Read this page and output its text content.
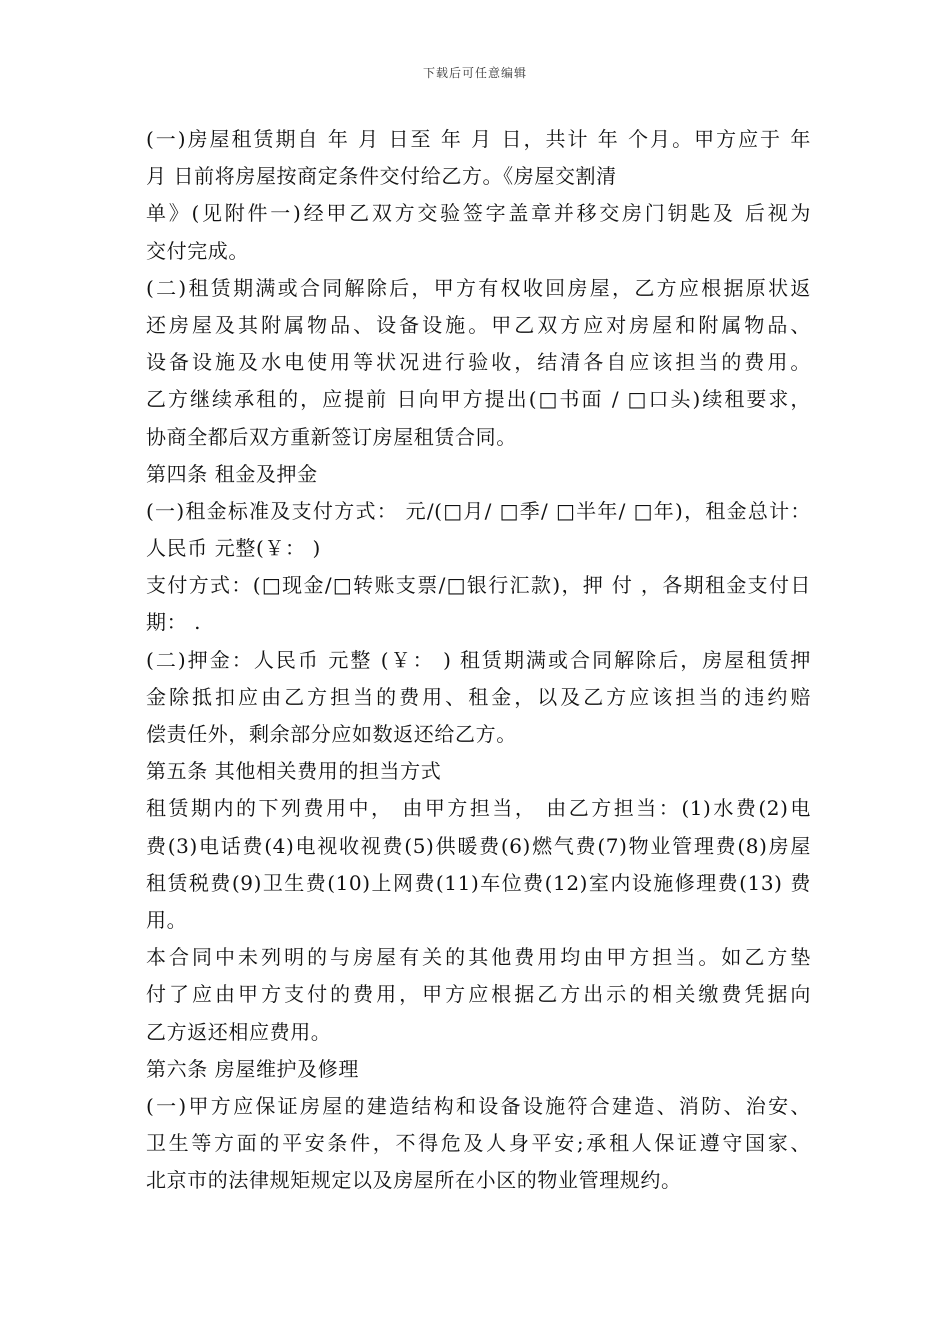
下载后可任意编辑
(一)房屋租赁期自 年 月 日至 年 月 日，共计 年 个月。甲方应于 年
月 日前将房屋按商定条件交付给乙方。《房屋交割清
单》(见附件一)经甲乙双方交验签字盖章并移交房门钥匙及 后视为
交付完成。
(二)租赁期满或合同解除后，甲方有权收回房屋，乙方应根据原状返
还房屋及其附属物品、设备设施。甲乙双方应对房屋和附属物品、
设备设施及水电使用等状况进行验收，结清各自应该担当的费用。
乙方继续承租的，应提前 日向甲方提出(□书面 / □口头)续租要求，
协商全都后双方重新签订房屋租赁合同。
第四条 租金及押金
(一)租金标准及支付方式： 元/(□月/ □季/ □半年/ □年)，租金总计：
人民币 元整(￥： )
支付方式：(□现金/□转账支票/□银行汇款)，押 付 ，各期租金支付日
期： .
(二)押金：人民币 元整 (￥： ) 租赁期满或合同解除后，房屋租赁押
金除抵扣应由乙方担当的费用、租金，以及乙方应该担当的违约赔
偿责任外，剩余部分应如数返还给乙方。
第五条 其他相关费用的担当方式
租赁期内的下列费用中， 由甲方担当， 由乙方担当：(1)水费(2)电
费(3)电话费(4)电视收视费(5)供暖费(6)燃气费(7)物业管理费(8)房屋
租赁税费(9)卫生费(10)上网费(11)车位费(12)室内设施修理费(13) 费
用。
本合同中未列明的与房屋有关的其他费用均由甲方担当。如乙方垫
付了应由甲方支付的费用，甲方应根据乙方出示的相关缴费凭据向
乙方返还相应费用。
第六条 房屋维护及修理
(一)甲方应保证房屋的建造结构和设备设施符合建造、消防、治安、
卫生等方面的平安条件，不得危及人身平安;承租人保证遵守国家、
北京市的法律规矩规定以及房屋所在小区的物业管理规约。
